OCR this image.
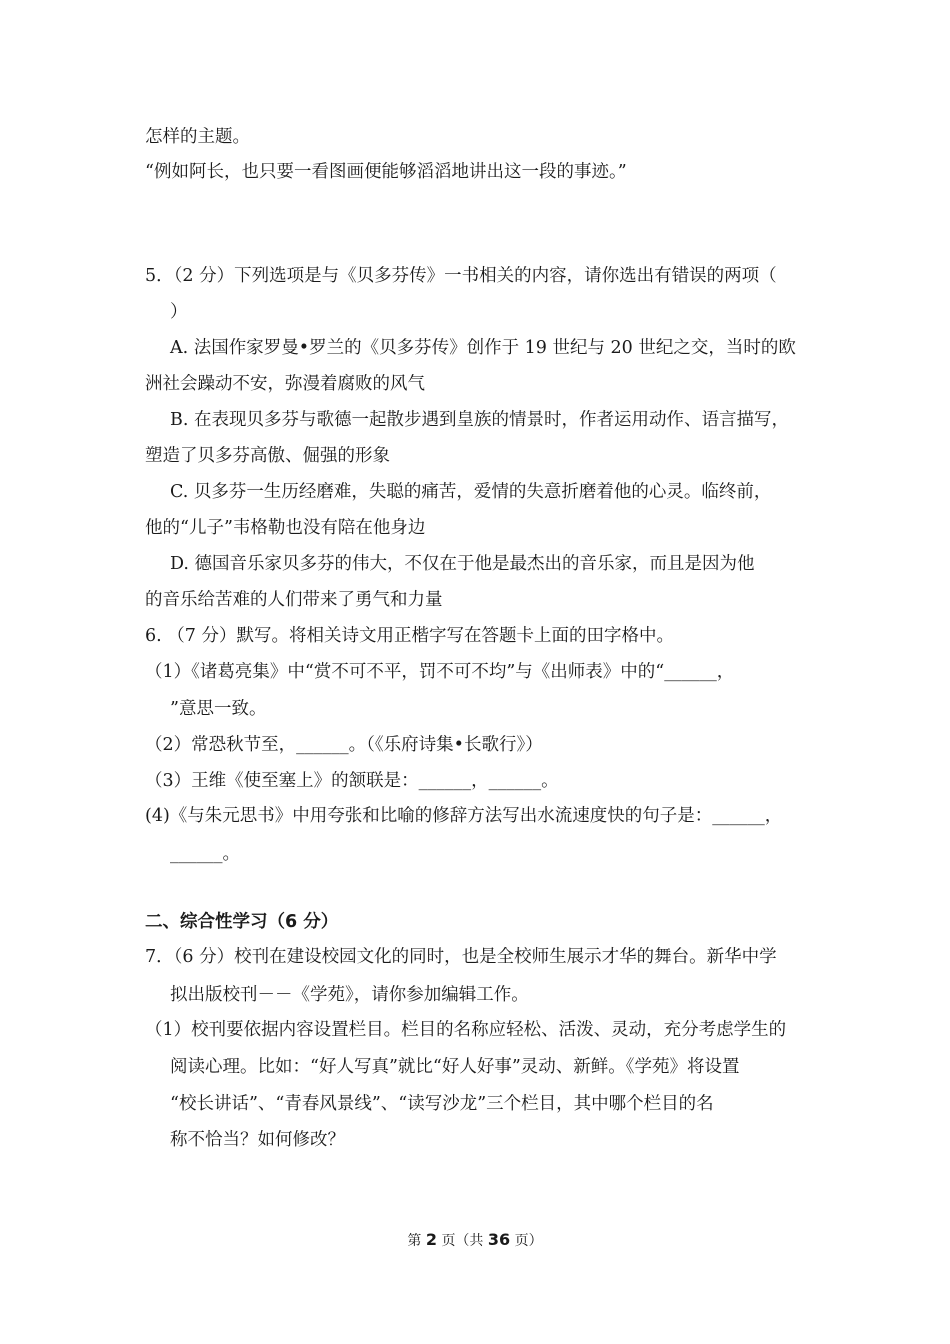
怎样的主题。
“例如阿长，也只要一看图画便能够滔滔地讲出这一段的事迹。”
5．（2 分）下列选项是与《贝多芬传》一书相关的内容，请你选出有错误的两项（
）
A. 法国作家罗曼•罗兰的《贝多芬传》创作于 19 世纪与 20 世纪之交，当时的欧
洲社会躁动不安，弥漫着腐败的风气
B. 在表现贝多芬与歌德一起散步遇到皇族的情景时，作者运用动作、语言描写，
塑造了贝多芬高傲、倔强的形象
C. 贝多芬一生历经磨难，失聪的痛苦，爱情的失意折磨着他的心灵。临终前，
他的“儿子”韦格勒也没有陪在他身边
D. 德国音乐家贝多芬的伟大，不仅在于他是最杰出的音乐家，而且是因为他
的音乐给苦难的人们带来了勇气和力量
6. （7 分）默写。将相关诗文用正楷字写在答题卡上面的田字格中。
（1）《诸葛亮集》中“赏不可不平，罚不可不均”与《出师表》中的“______，
”意思一致。
（2）常恐秋节至，______。（《乐府诗集•长歌行》）
（3）王维《使至塞上》的颔联是：______，______。
(4)《与朱元思书》中用夸张和比喻的修辞方法写出水流速度快的句子是：______，
______。
二、综合性学习（6 分）
7．（6 分）校刊在建设校园文化的同时，也是全校师生展示才华的舞台。新华中学
拟出版校刊－－《学苑》，请你参加编辑工作。
（1）校刊要依据内容设置栏目。栏目的名称应轻松、活泼、灵动，充分考虑学生的
阅读心理。比如：“好人写真”就比“好人好事”灵动、新鲜。《学苑》将设置
“校长讲话”、“青春风景线”、“读写沙龙”三个栏目，其中哪个栏目的名
称不恰当？如何修改？
第 2 页（共 36 页）
